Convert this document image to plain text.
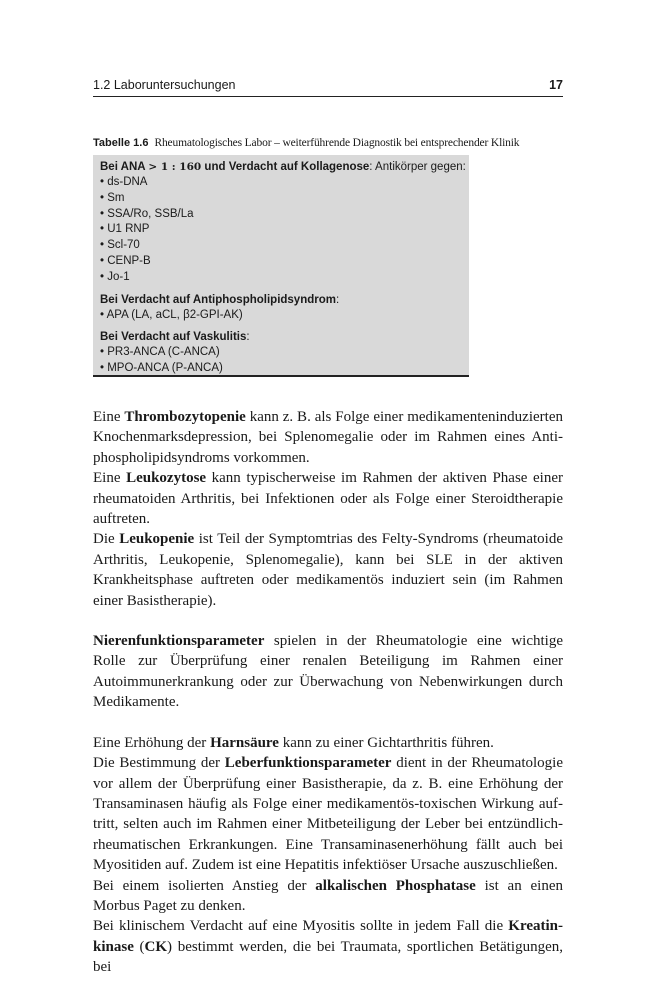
1.2 Laboruntersuchungen	17
Tabelle 1.6 Rheumatologisches Labor – weiterführende Diagnostik bei entsprechender Klinik
Bei ANA > 1 : 160 und Verdacht auf Kollagenose: Antikörper gegen:
• ds-DNA
• Sm
• SSA/Ro, SSB/La
• U1 RNP
• Scl-70
• CENP-B
• Jo-1
Bei Verdacht auf Antiphospholipidsyndrom:
• APA (LA, aCL, β2-GPI-AK)
Bei Verdacht auf Vaskulitis:
• PR3-ANCA (C-ANCA)
• MPO-ANCA (P-ANCA)

Eine Thrombozytopenie kann z. B. als Folge einer medikamenteninduzierten Knochenmarksdepression, bei Splenomegalie oder im Rahmen eines Antiphospholipidsyndroms vorkommen.

Eine Leukozytose kann typischerweise im Rahmen der aktiven Phase einer rheumatoiden Arthritis, bei Infektionen oder als Folge einer Steroidtherapie auftreten.

Die Leukopenie ist Teil der Symptomtrias des Felty-Syndroms (rheumatoide Arthritis, Leukopenie, Splenomegalie), kann bei SLE in der aktiven Krankheitsphase auftreten oder medikamentös induziert sein (im Rahmen einer Basistherapie).

Nierenfunktionsparameter spielen in der Rheumatologie eine wichtige Rolle zur Überprüfung einer renalen Beteiligung im Rahmen einer Autoimmunerkrankung oder zur Überwachung von Nebenwirkungen durch Medikamente.

Eine Erhöhung der Harnsäure kann zu einer Gichtarthritis führen.

Die Bestimmung der Leberfunktionsparameter dient in der Rheumatologie vor allem der Überprüfung einer Basistherapie, da z. B. eine Erhöhung der Transaminasen häufig als Folge einer medikamentös-toxischen Wirkung auftritt, selten auch im Rahmen einer Mitbeteiligung der Leber bei entzündlich-rheumatischen Erkrankungen. Eine Transaminasenerhöhung fällt auch bei Myositiden auf. Zudem ist eine Hepatitis infektiöser Ursache auszuschließen.

Bei einem isolierten Anstieg der alkalischen Phosphatase ist an einen Morbus Paget zu denken.

Bei klinischem Verdacht auf eine Myositis sollte in jedem Fall die Kreatinkinase (CK) bestimmt werden, die bei Traumata, sportlichen Betätigungen, bei
